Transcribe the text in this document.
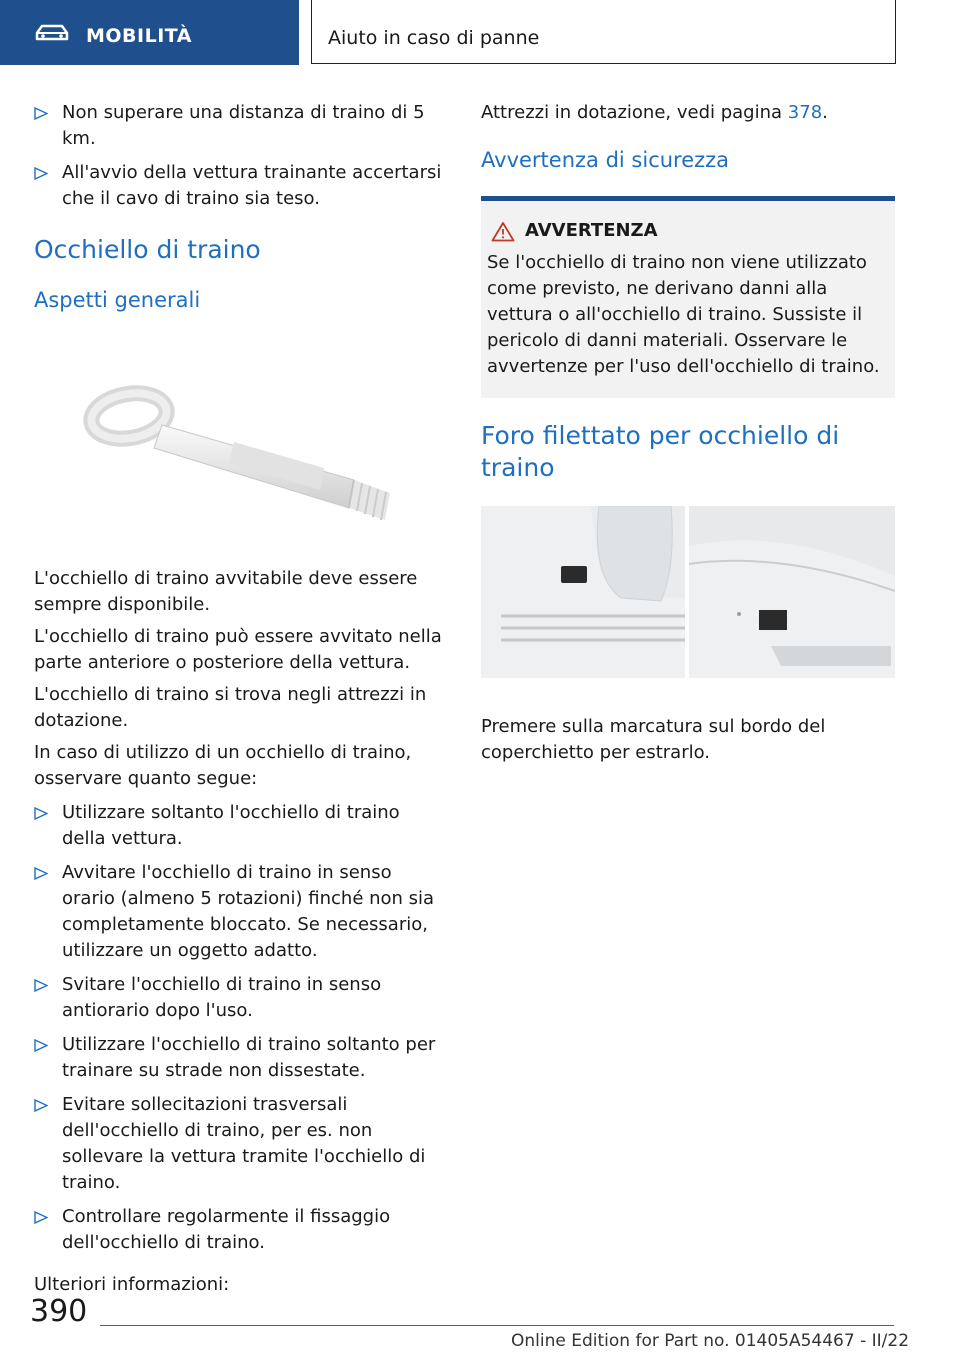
MOBILITÀ	Aiuto in caso di panne
Non superare una distanza di traino di 5 km.
All'avvio della vettura trainante accertarsi che il cavo di traino sia teso.
Occhiello di traino
Aspetti generali

L'occhiello di traino avvitabile deve essere sempre disponibile.

L'occhiello di traino può essere avvitato nella parte anteriore o posteriore della vettura.

L'occhiello di traino si trova negli attrezzi in dotazione.

In caso di utilizzo di un occhiello di traino, osservare quanto segue:

Utilizzare soltanto l'occhiello di traino della vettura.
Avvitare l'occhiello di traino in senso orario (almeno 5 rotazioni) finché non sia completamente bloccato. Se necessario, utilizzare un oggetto adatto.
Svitare l'occhiello di traino in senso antiorario dopo l'uso.
Utilizzare l'occhiello di traino soltanto per trainare su strade non dissestate.
Evitare sollecitazioni trasversali dell'occhiello di traino, per es. non sollevare la vettura tramite l'occhiello di traino.
Controllare regolarmente il fissaggio dell'occhiello di traino.

Ulteriori informazioni:

Attrezzi in dotazione, vedi pagina 378.

Avvertenza di sicurezza
AVVERTENZA

Se l'occhiello di traino non viene utilizzato come previsto, ne derivano danni alla vettura o all'occhiello di traino. Sussiste il pericolo di danni materiali. Osservare le avvertenze per l'uso dell'occhiello di traino.

Foro filettato per occhiello di traino

Premere sulla marcatura sul bordo del coperchietto per estrarlo.

390
Online Edition for Part no. 01405A54467 - II/22
